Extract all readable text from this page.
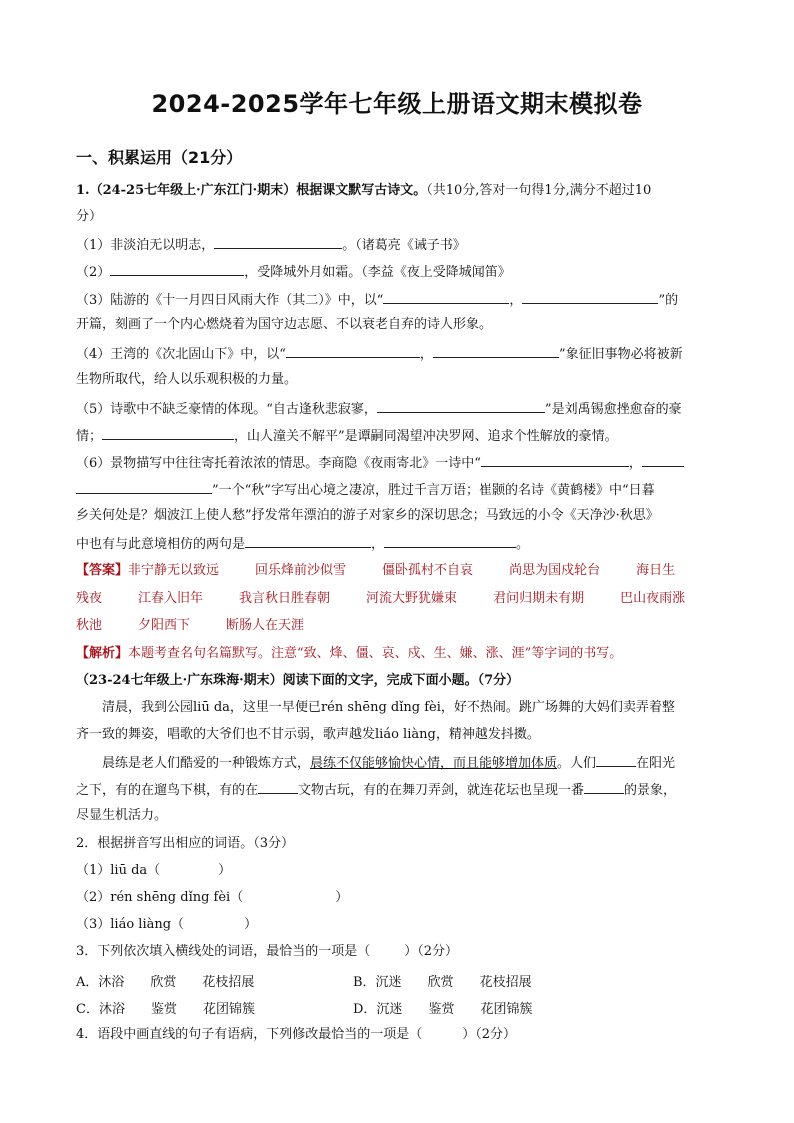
2024-2025学年七年级上册语文期末模拟卷
一、积累运用（21分）
1.（24-25七年级上·广东江门·期末）根据课文默写古诗文。（共10分,答对一句得1分,满分不超过10
分）
（1）非淡泊无以明志，	。（诸葛亮《诫子书》
（2）	，受降城外月如霜。（李益《夜上受降城闻笛》
（3）陆游的《十一月四日风雨大作（其二）》中，以“	，	”的
开篇，刻画了一个内心燃烧着为国守边志愿、不以衰老自弃的诗人形象。
（4）王湾的《次北固山下》中，以“	，	”象征旧事物必将被新
生物所取代，给人以乐观积极的力量。
（5）诗歌中不缺乏豪情的体现。“自古逢秋悲寂寥，	”是刘禹锡愈挫愈奋的豪
情；	，山人潼关不解平”是谭嗣同渴望冲决罗网、追求个性解放的豪情。
（6）景物描写中往往寄托着浓浓的情思。李商隐《夜雨寄北》一诗中“	，
”一个“秋”字写出心境之凄凉，胜过千言万语；崔颢的名诗《黄鹤楼》中“日暮
乡关何处是？烟波江上使人愁”抒发常年漂泊的游子对家乡的深切思念；马致远的小令《天净沙·秋思》
中也有与此意境相仿的两句是	，	。
【答案】非宁静无以致远	回乐烽前沙似雪	僵卧孤村不自哀	尚思为国戍轮台	海日生
残夜	江春入旧年	我言秋日胜春朝	河流大野犹嫌束	君问归期未有期	巴山夜雨涨
秋池	夕阳西下	断肠人在天涯
【解析】本题考查名句名篇默写。注意“致、烽、僵、哀、戍、生、嫌、涨、涯”等字词的书写。
（23-24七年级上·广东珠海·期末）阅读下面的文字，完成下面小题。（7分）
清晨，我到公园liū da，这里一早便已rén shēng dǐng fèi，好不热闹。跳广场舞的大妈们卖弄着整
齐一致的舞姿，唱歌的大爷们也不甘示弱，歌声越发liáo liàng，精神越发抖擞。
晨练是老人们酷爱的一种锻炼方式，晨练不仅能够愉快心情，而且能够增加体质。人们	在阳光
之下，有的在遛鸟下棋，有的在	文物古玩，有的在舞刀弄剑，就连花坛也呈现一番	的景象，
尽显生机活力。
2．根据拼音写出相应的词语。（3分）
（1）liū da（	）
（2）rén shēng dǐng fèi（	）
（3）liáo liàng（	）
3．下列依次填入横线处的词语，最恰当的一项是（	）（2分）
A．沐浴 欣赏 花枝招展	B．沉迷 欣赏 花枝招展
C．沐浴 鉴赏 花团锦簇	D．沉迷 鉴赏 花团锦簇
4．语段中画直线的句子有语病，下列修改最恰当的一项是（	）（2分）
